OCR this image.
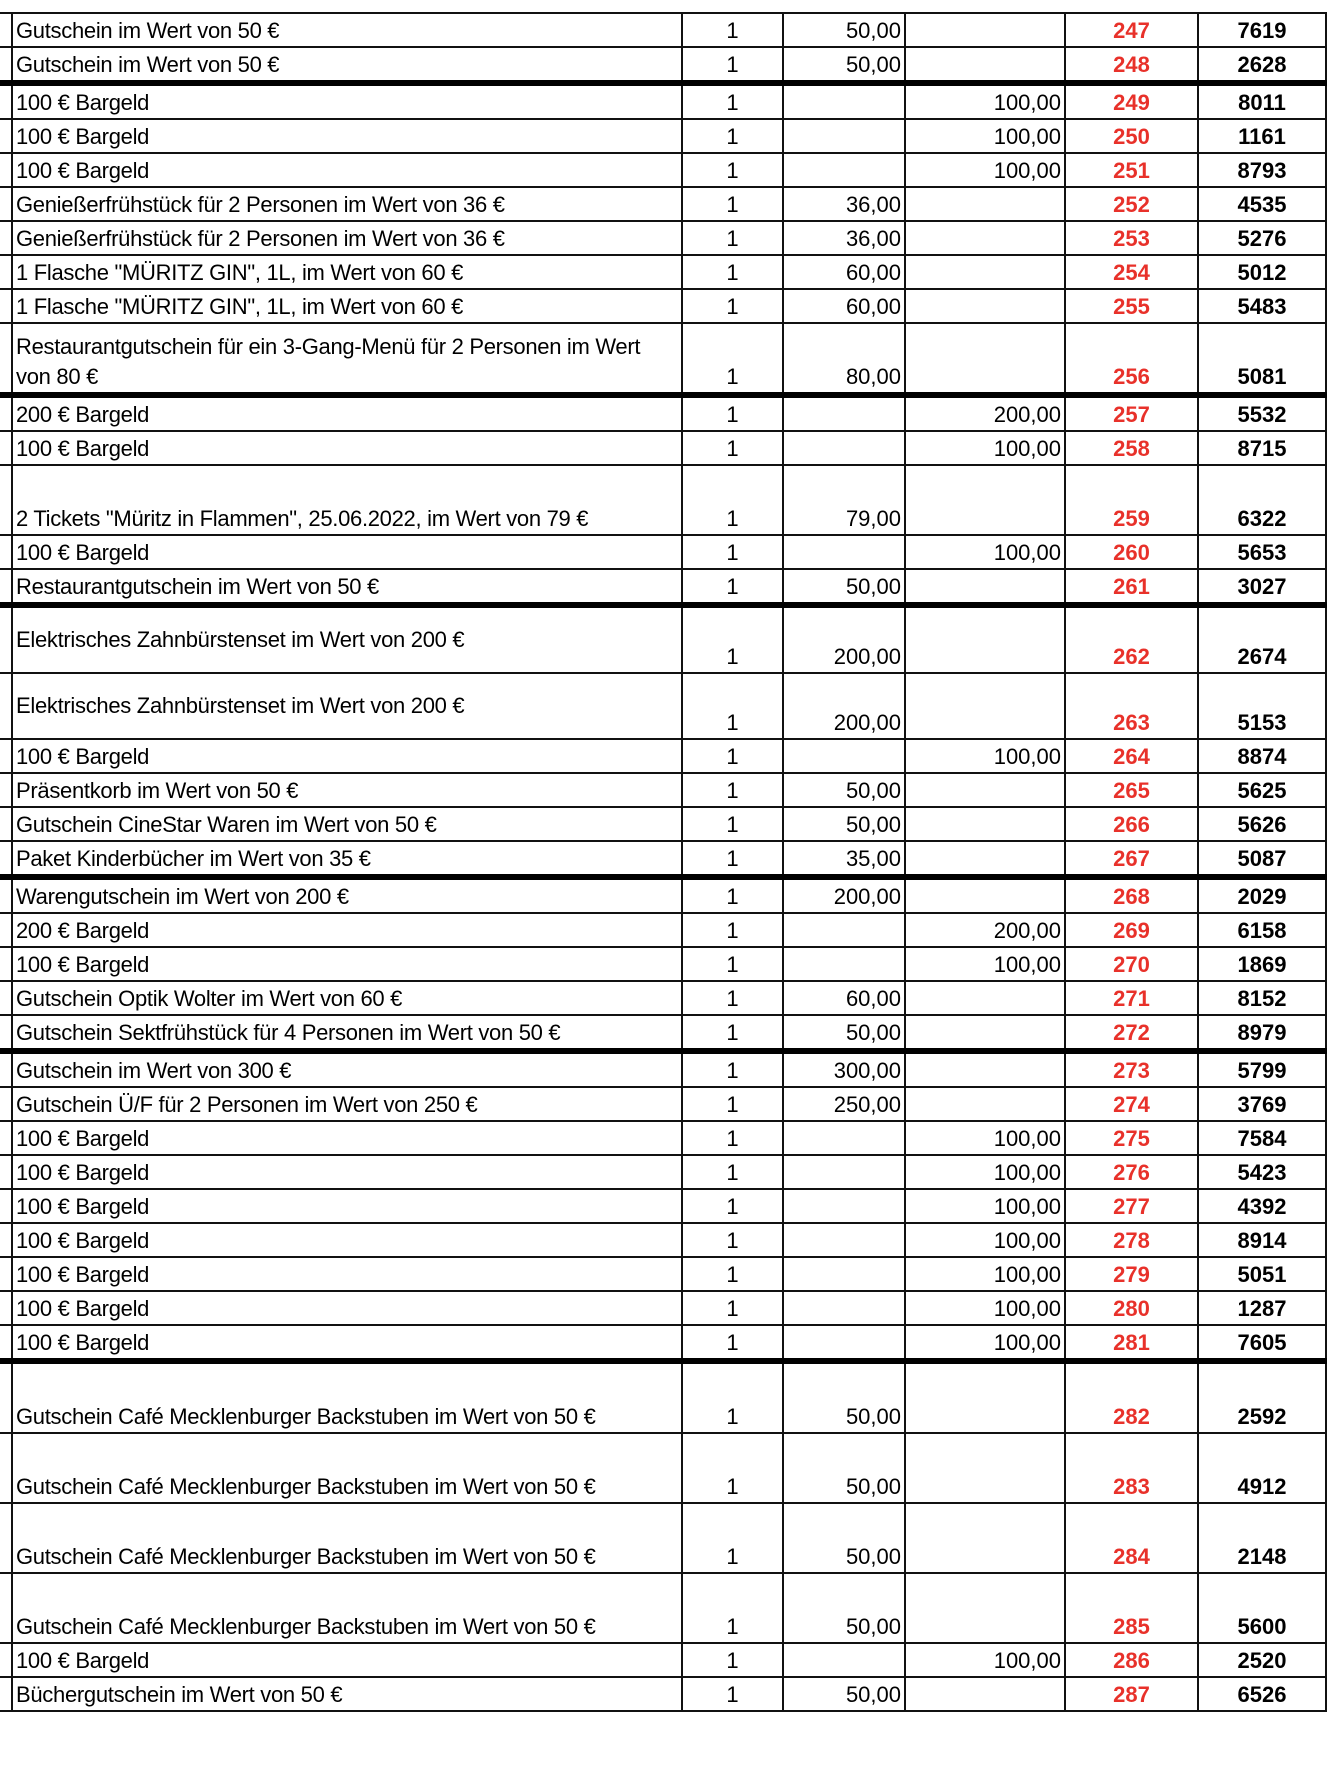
	Gutschein im Wert von 50 €	1	50,00		247	7619
	Gutschein im Wert von 50 €	1	50,00		248	2628
	100 € Bargeld	1		100,00	249	8011
	100 € Bargeld	1		100,00	250	1161
	100 € Bargeld	1		100,00	251	8793
	Genießerfrühstück für 2 Personen im Wert von 36 €	1	36,00		252	4535
	Genießerfrühstück für 2 Personen im Wert von 36 €	1	36,00		253	5276
	1 Flasche "MÜRITZ GIN", 1L, im Wert von 60 €	1	60,00		254	5012
	1 Flasche "MÜRITZ GIN", 1L, im Wert von 60 €	1	60,00		255	5483
	Restaurantgutschein für ein 3-Gang-Menü für 2 Personen im Wert von 80 €	1	80,00		256	5081
	200 € Bargeld	1		200,00	257	5532
	100 € Bargeld	1		100,00	258	8715
	2 Tickets "Müritz in Flammen", 25.06.2022, im Wert von 79 €	1	79,00		259	6322
	100 € Bargeld	1		100,00	260	5653
	Restaurantgutschein im Wert von 50 €	1	50,00		261	3027
	Elektrisches Zahnbürstenset im Wert von 200 €	1	200,00		262	2674
	Elektrisches Zahnbürstenset im Wert von 200 €	1	200,00		263	5153
	100 € Bargeld	1		100,00	264	8874
	Präsentkorb im Wert von 50 €	1	50,00		265	5625
	Gutschein CineStar Waren im Wert von 50 €	1	50,00		266	5626
	Paket Kinderbücher im Wert von 35 €	1	35,00		267	5087
	Warengutschein im Wert von 200 €	1	200,00		268	2029
	200 € Bargeld	1		200,00	269	6158
	100 € Bargeld	1		100,00	270	1869
	Gutschein Optik Wolter im Wert von 60 €	1	60,00		271	8152
	Gutschein Sektfrühstück für 4 Personen im Wert von 50 €	1	50,00		272	8979
	Gutschein im Wert von 300 €	1	300,00		273	5799
	Gutschein Ü/F für 2 Personen im Wert von 250 €	1	250,00		274	3769
	100 € Bargeld	1		100,00	275	7584
	100 € Bargeld	1		100,00	276	5423
	100 € Bargeld	1		100,00	277	4392
	100 € Bargeld	1		100,00	278	8914
	100 € Bargeld	1		100,00	279	5051
	100 € Bargeld	1		100,00	280	1287
	100 € Bargeld	1		100,00	281	7605
	Gutschein Café Mecklenburger Backstuben im Wert von 50 €	1	50,00		282	2592
	Gutschein Café Mecklenburger Backstuben im Wert von 50 €	1	50,00		283	4912
	Gutschein Café Mecklenburger Backstuben im Wert von 50 €	1	50,00		284	2148
	Gutschein Café Mecklenburger Backstuben im Wert von 50 €	1	50,00		285	5600
	100 € Bargeld	1		100,00	286	2520
	Büchergutschein im Wert von 50 €	1	50,00		287	6526
